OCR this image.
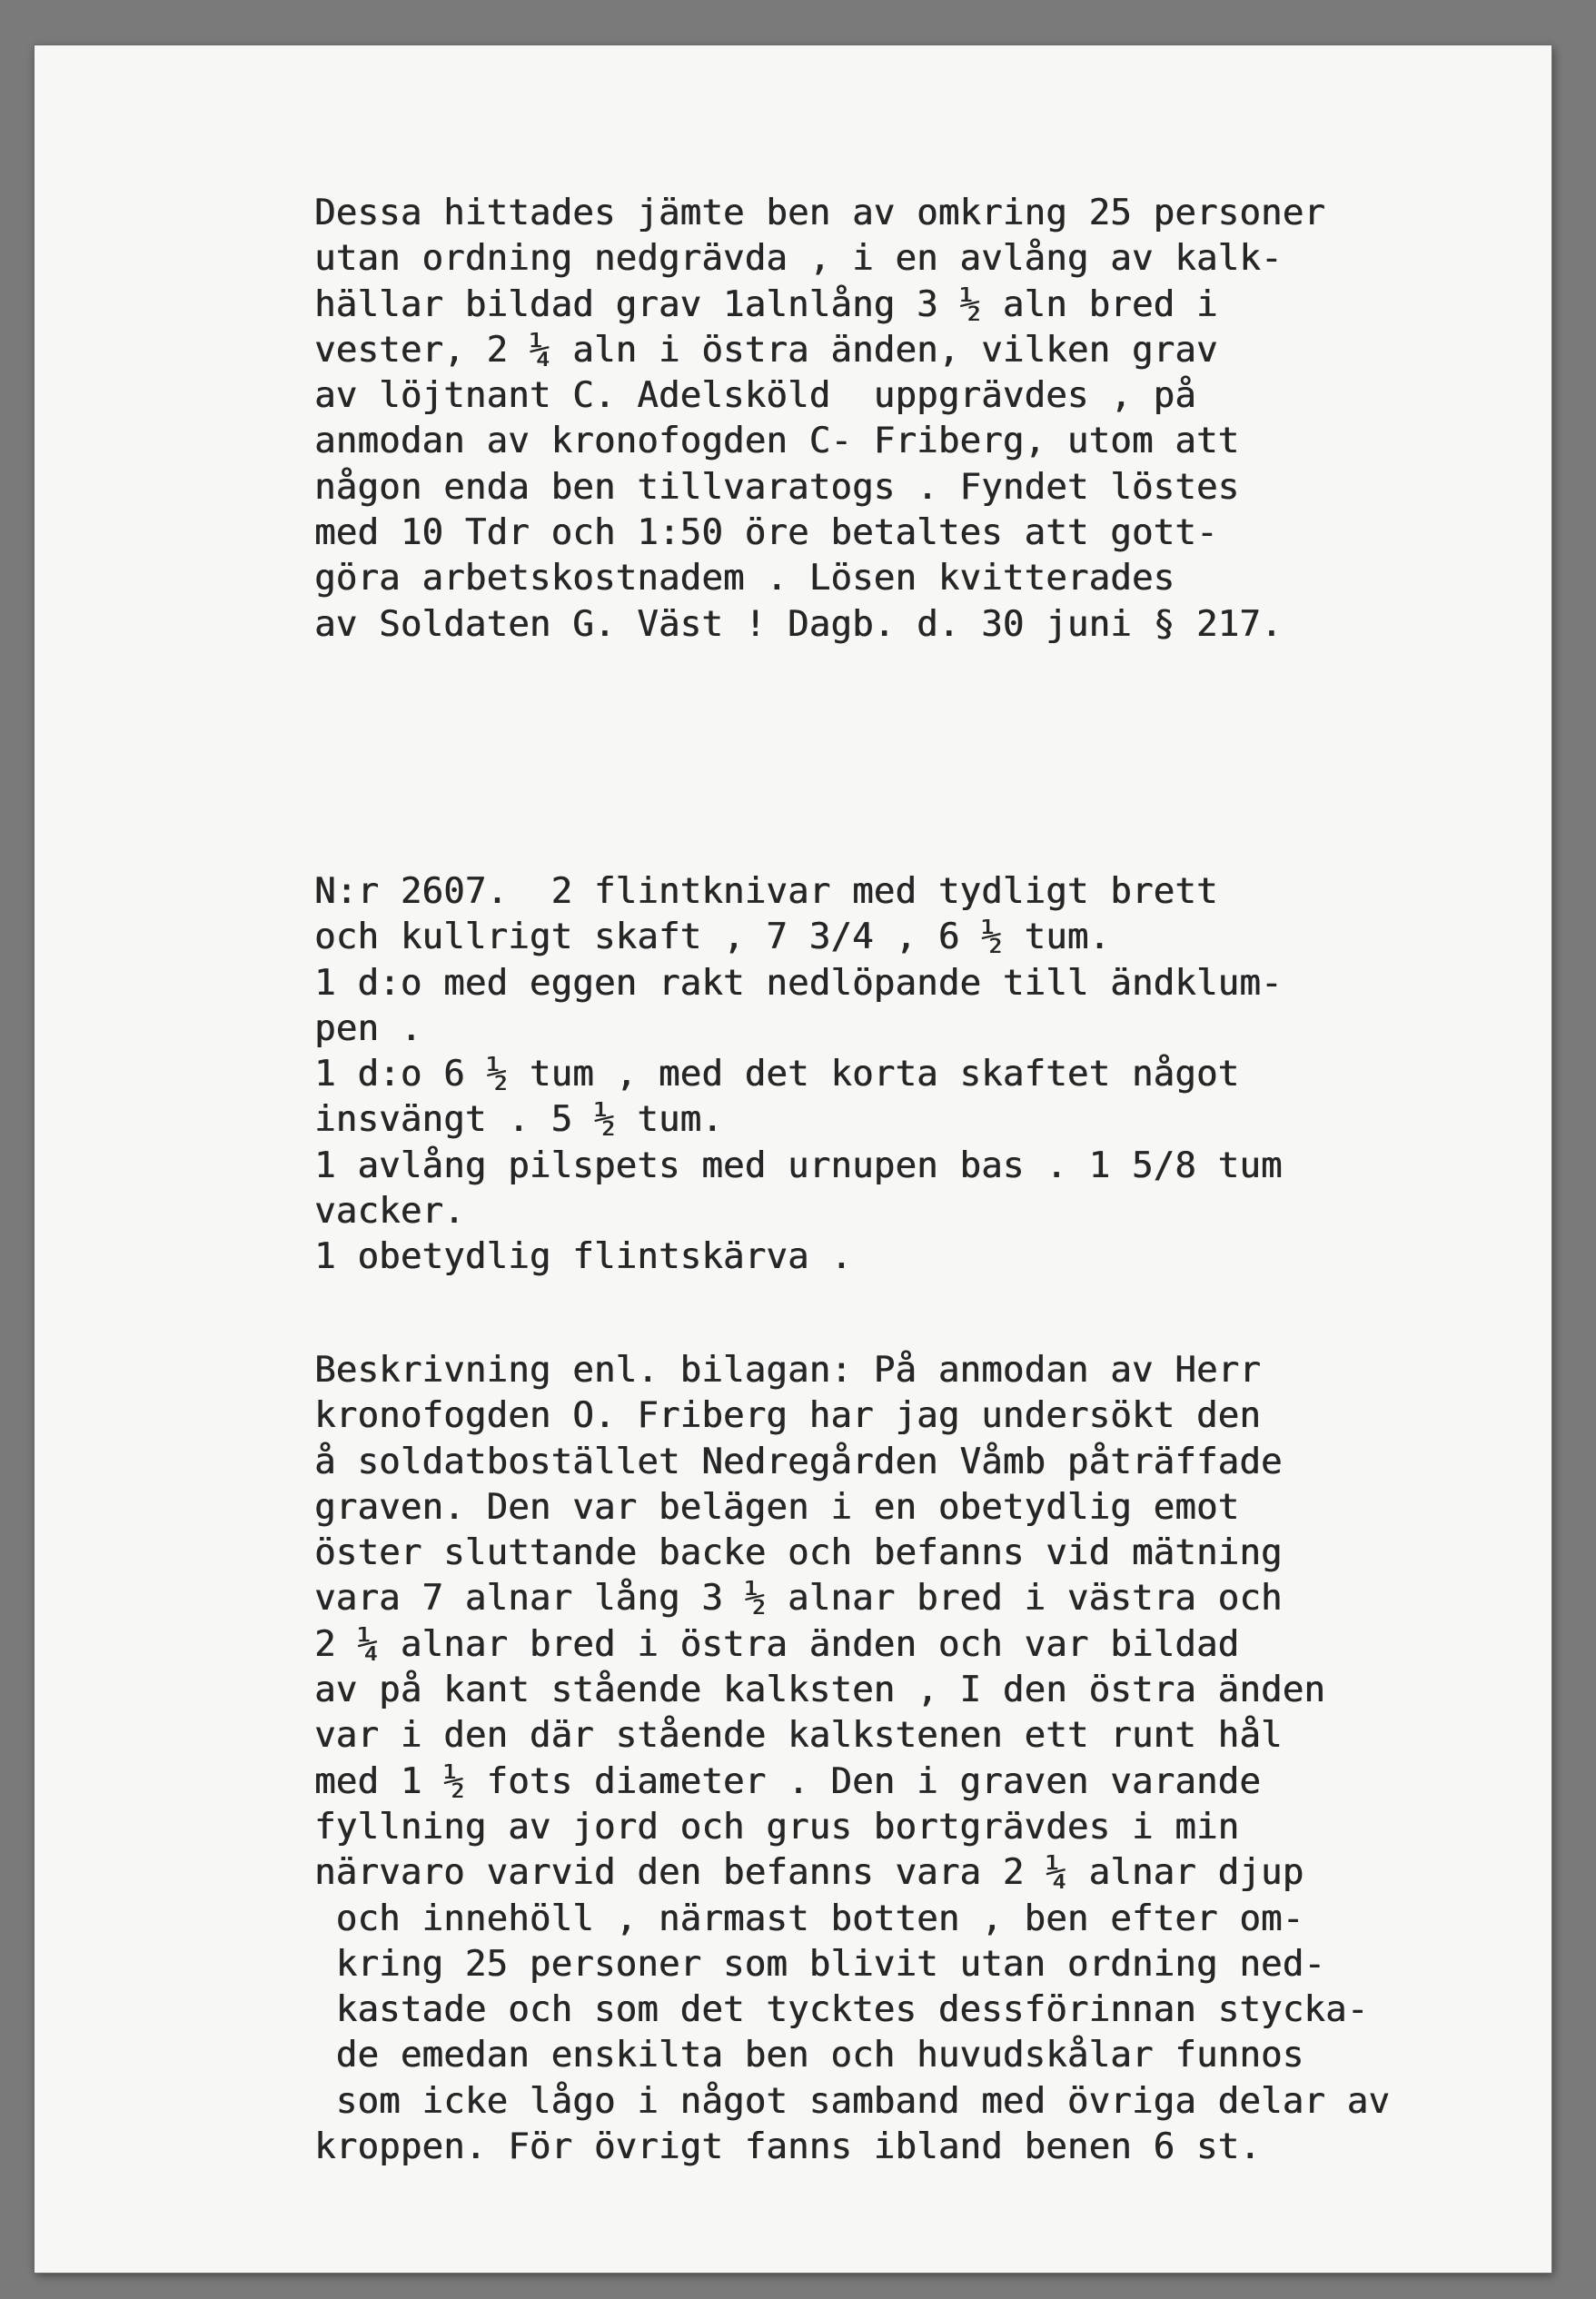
Dessa hittades jämte ben av omkring 25 personer
utan ordning nedgrävda , i en avlång av kalk-
hällar bildad grav 1alnlång 3 ½ aln bred i
vester, 2 ¼ aln i östra änden, vilken grav
av löjtnant C. Adelsköld  uppgrävdes , på
anmodan av kronofogden C- Friberg, utom att
någon enda ben tillvaratogs . Fyndet löstes
med 10 Tdr och 1:50 öre betaltes att gott-
göra arbetskostnadem . Lösen kvitterades
av Soldaten G. Väst ! Dagb. d. 30 juni § 217.
N:r 2607.  2 flintknivar med tydligt brett
och kullrigt skaft , 7 3/4 , 6 ½ tum.
1 d:o med eggen rakt nedlöpande till ändklum-
pen .
1 d:o 6 ½ tum , med det korta skaftet något
insvängt . 5 ½ tum.
1 avlång pilspets med urnupen bas . 1 5/8 tum
vacker.
1 obetydlig flintskärva .
Beskrivning enl. bilagan: På anmodan av Herr
kronofogden O. Friberg har jag undersökt den
å soldatbostället Nedregården Våmb påträffade
graven. Den var belägen i en obetydlig emot
öster sluttande backe och befanns vid mätning
vara 7 alnar lång 3 ½ alnar bred i västra och
2 ¼ alnar bred i östra änden och var bildad
av på kant stående kalksten , I den östra änden
var i den där stående kalkstenen ett runt hål
med 1 ½ fots diameter . Den i graven varande
fyllning av jord och grus bortgrävdes i min
närvaro varvid den befanns vara 2 ¼ alnar djup
och innehöll , närmast botten , ben efter om-
kring 25 personer som blivit utan ordning ned-
kastade och som det tycktes dessförinnan stycka-
de emedan enskilta ben och huvudskålar funnos
som icke lågo i något samband med övriga delar av
kroppen. För övrigt fanns ibland benen 6 st.
